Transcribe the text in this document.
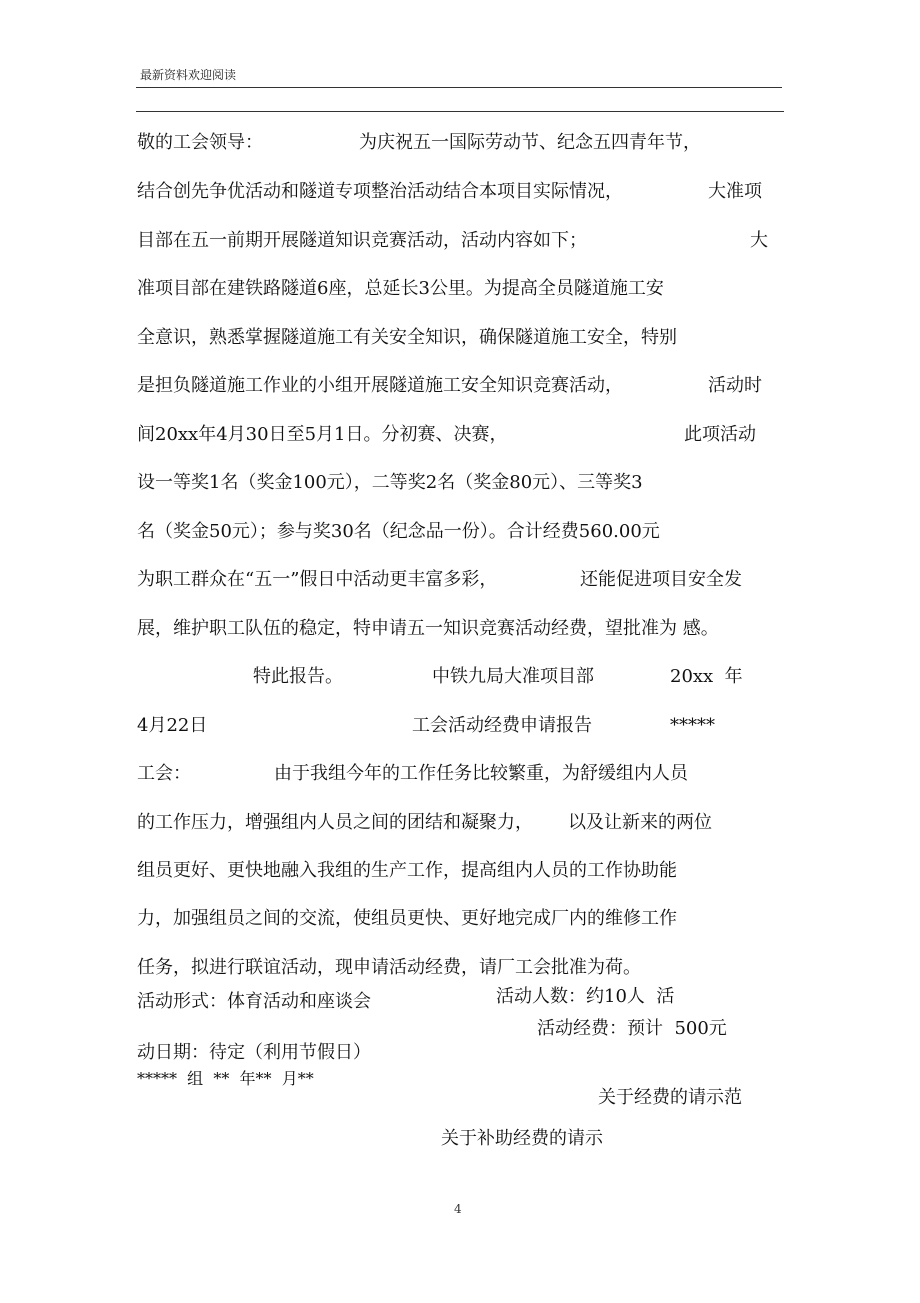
最新资料欢迎阅读
敬的工会领导：	为庆祝五一国际劳动节、纪念五四青年节，
结合创先争优活动和隧道专项整治活动结合本项目实际情况，	大准项
目部在五一前期开展隧道知识竞赛活动，活动内容如下；	大
准项目部在建铁路隧道6座，总延长3公里。为提高全员隧道施工安
全意识，熟悉掌握隧道施工有关安全知识，确保隧道施工安全，特别
是担负隧道施工作业的小组开展隧道施工安全知识竞赛活动，	活动时
间20xx年4月30日至5月1日。分初赛、决赛，	此项活动
设一等奖1名（奖金100元），二等奖2名（奖金80元）、三等奖3
名（奖金50元）；参与奖30名（纪念品一份）。合计经费560.00元
为职工群众在“五一”假日中活动更丰富多彩，	还能促进项目安全发
展，维护职工队伍的稳定，特申请五一知识竞赛活动经费，望批准为 感。
特此报告。	中铁九局大准项目部	20xx  年
4月22日	工会活动经费申请报告	*****
工会：	由于我组今年的工作任务比较繁重，为舒缓组内人员
的工作压力，增强组内人员之间的团结和凝聚力， 以及让新来的两位
组员更好、更快地融入我组的生产工作，提高组内人员的工作协助能
力，加强组员之间的交流，使组员更快、更好地完成厂内的维修工作
任务，拟进行联谊活动，现申请活动经费，请厂工会批准为荷。
活动形式：体育活动和座谈会	活动人数：约10人  活
活动经费：预计  500元
动日期：待定（利用节假日）
*****  组  **  年**  月**
关于经费的请示范
关于补助经费的请示
4
